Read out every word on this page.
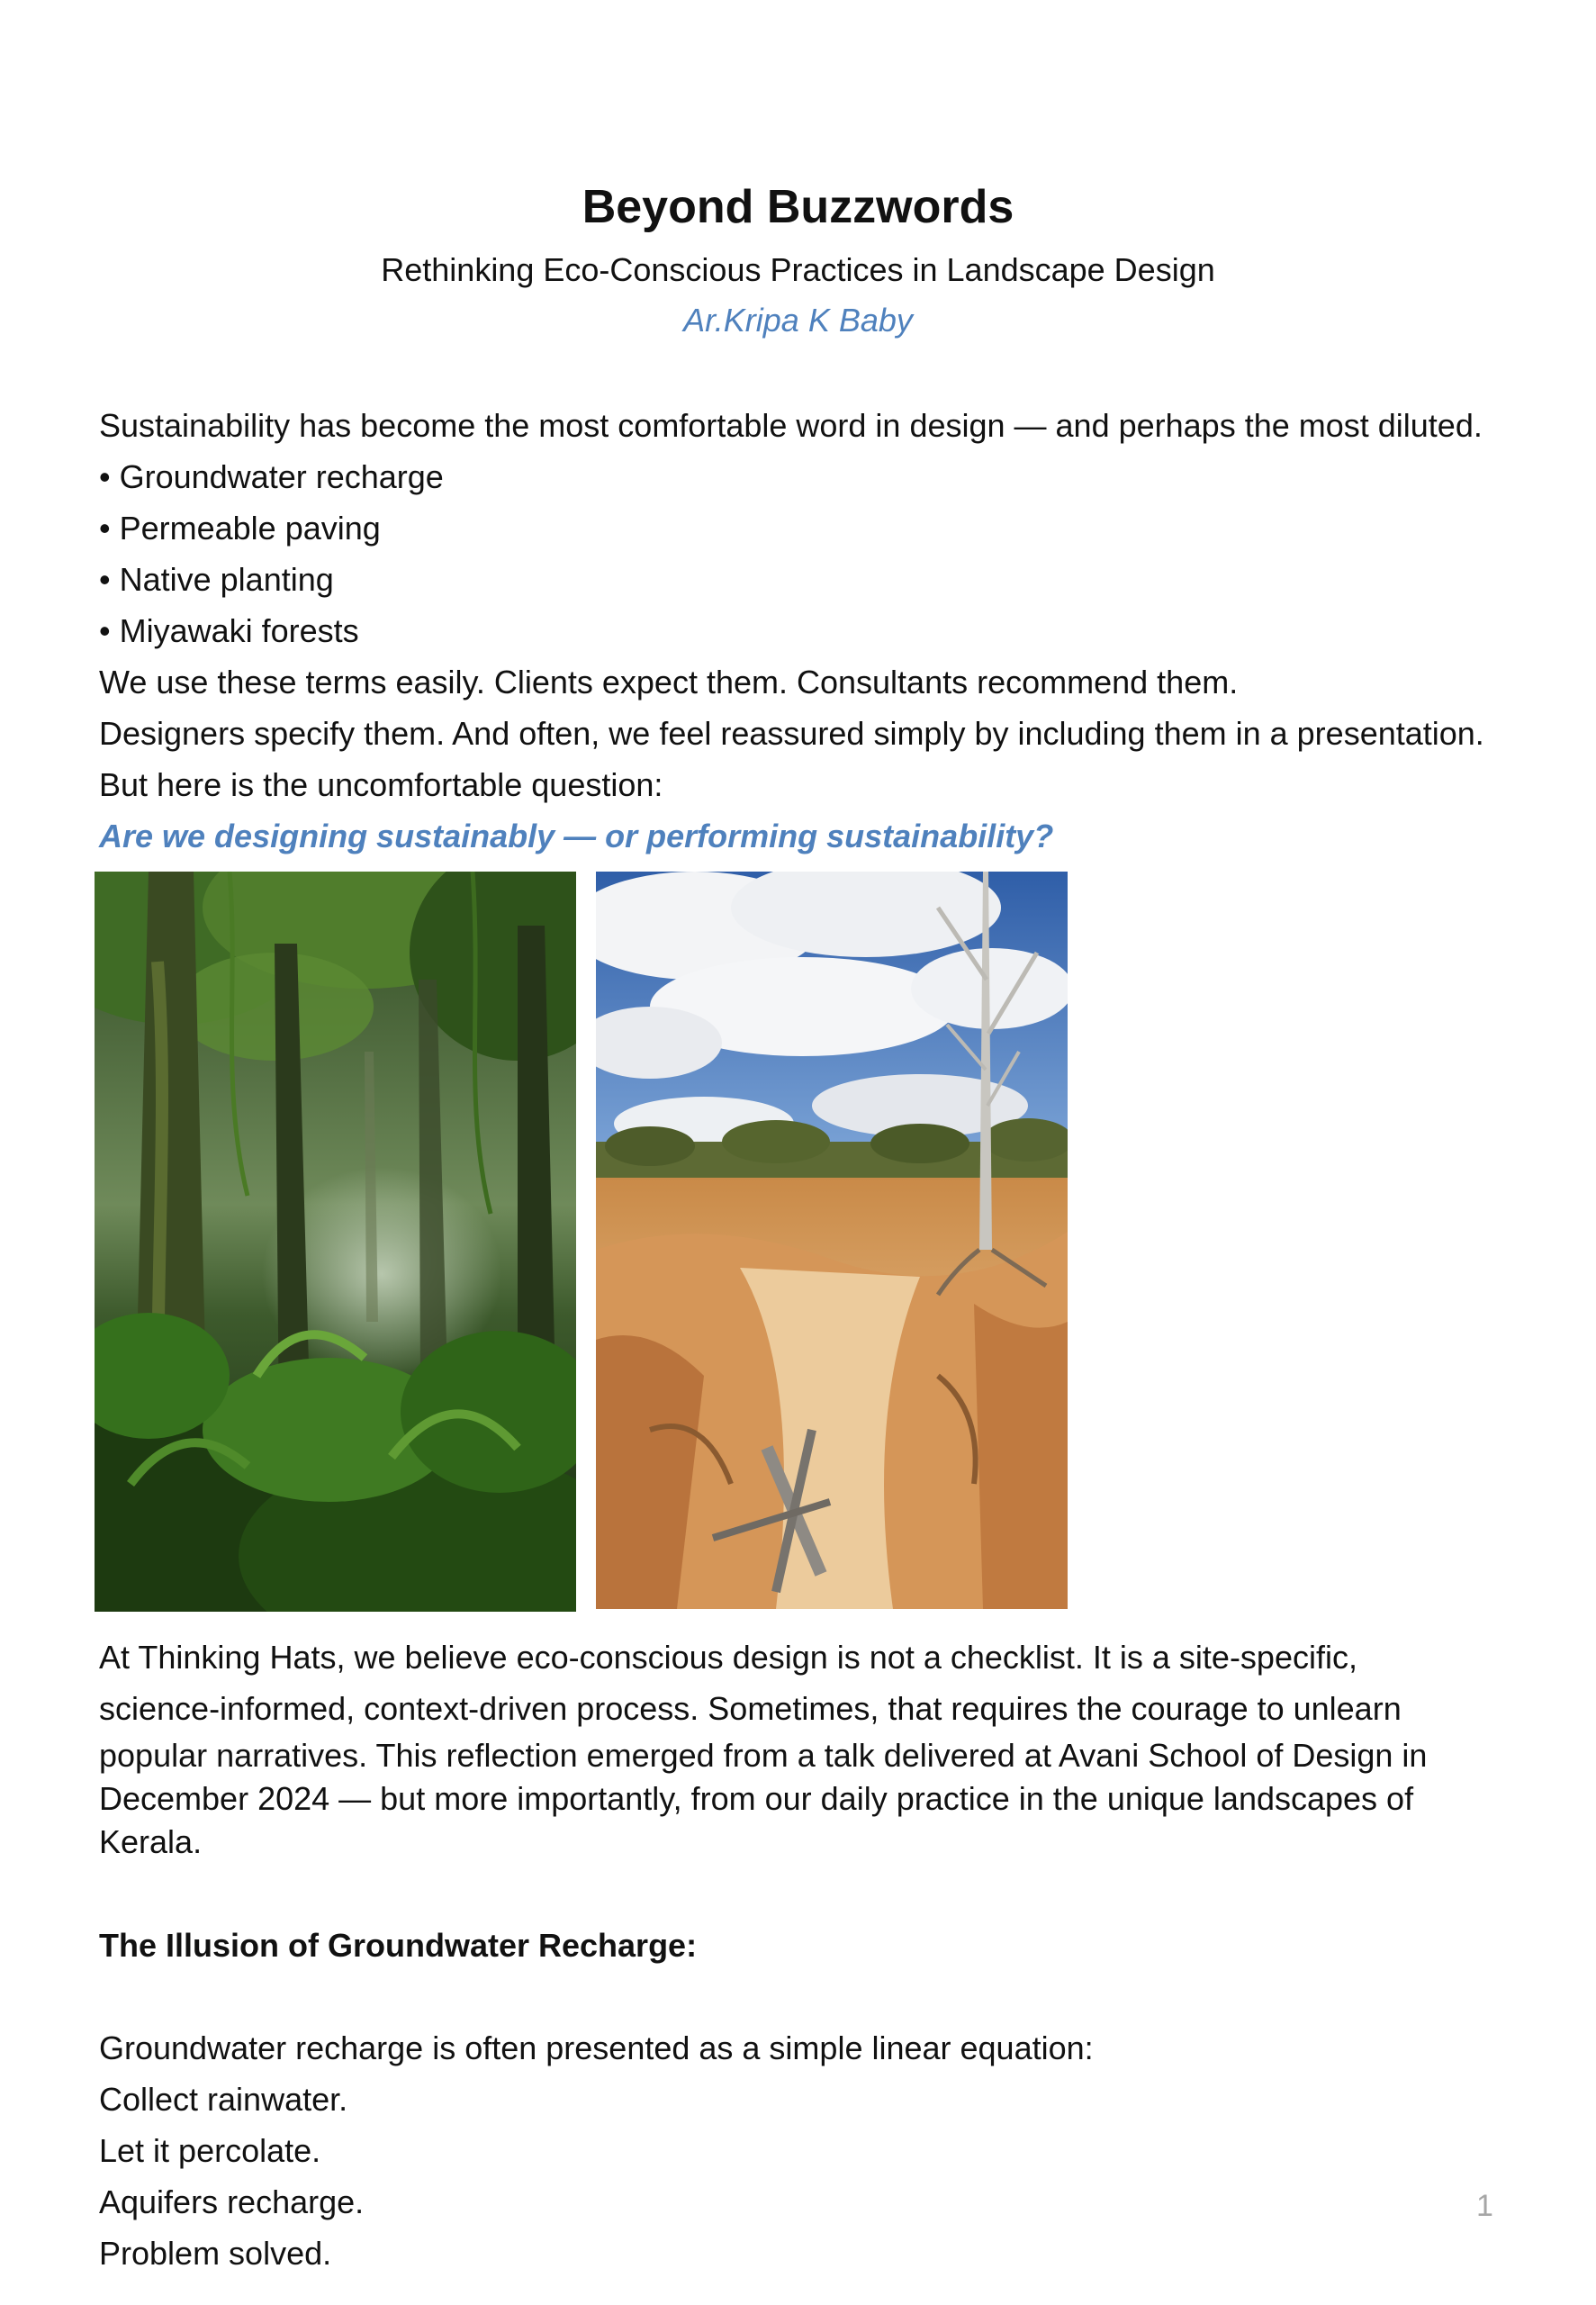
Beyond Buzzwords
Rethinking Eco-Conscious Practices in Landscape Design
Ar.Kripa K Baby
Sustainability has become the most comfortable word in design — and perhaps the most diluted.
• Groundwater recharge
• Permeable paving
• Native planting
• Miyawaki forests
We use these terms easily. Clients expect them. Consultants recommend them.
Designers specify them. And often, we feel reassured simply by including them in a presentation.
But here is the uncomfortable question:
Are we designing sustainably — or performing sustainability?
At Thinking Hats, we believe eco-conscious design is not a checklist. It is a site-specific,
science-informed, context-driven process. Sometimes, that requires the courage to unlearn
popular narratives. This reflection emerged from a talk delivered at Avani School of Design in
December 2024 — but more importantly, from our daily practice in the unique landscapes of
Kerala.
The Illusion of Groundwater Recharge:
Groundwater recharge is often presented as a simple linear equation:
Collect rainwater.
Let it percolate.
Aquifers recharge.
Problem solved.
1
